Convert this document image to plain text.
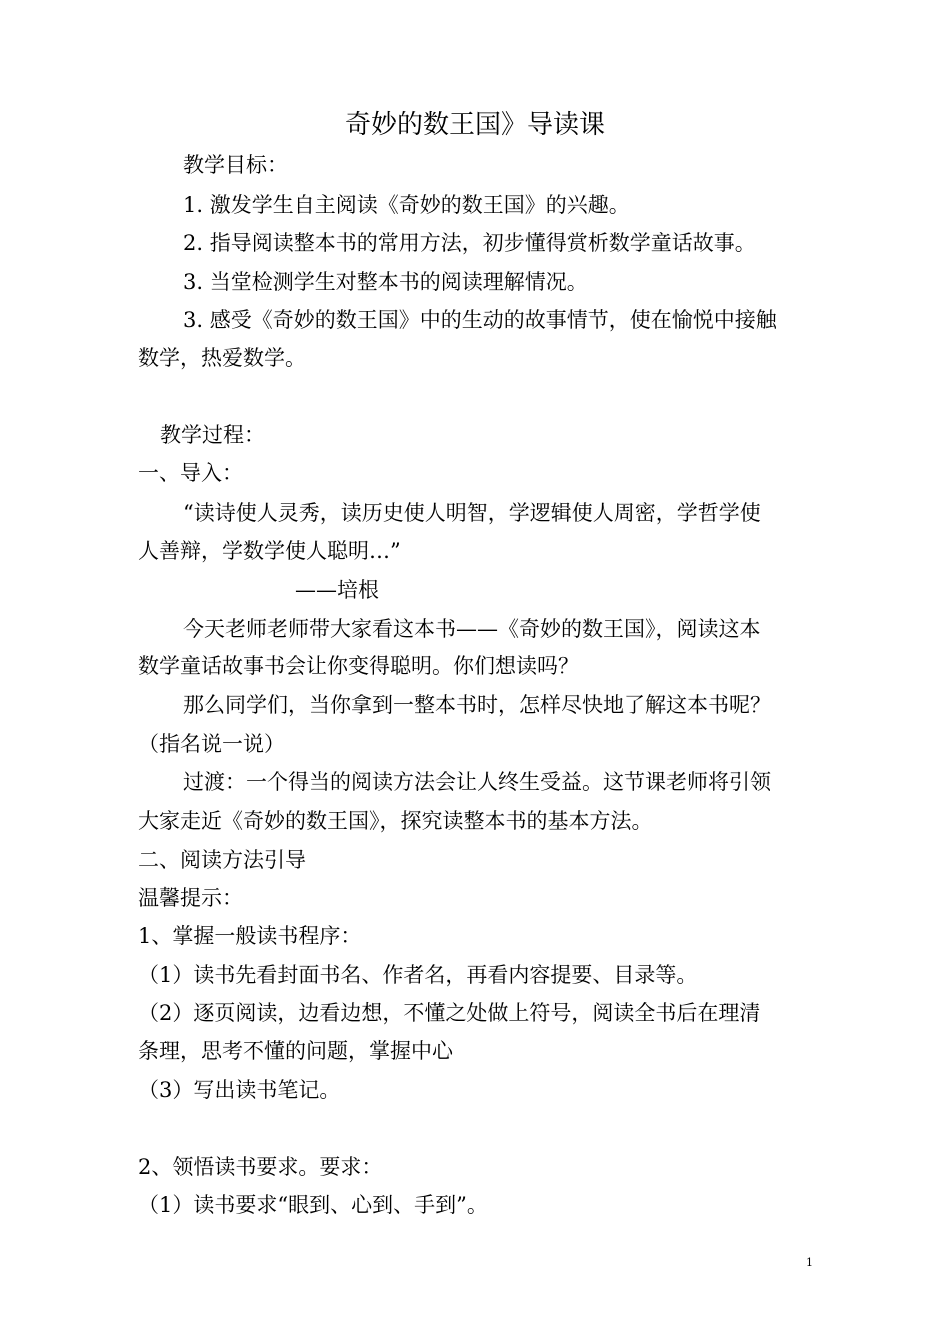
奇妙的数王国》导读课
教学目标：
1. 激发学生自主阅读《奇妙的数王国》的兴趣。
2. 指导阅读整本书的常用方法，初步懂得赏析数学童话故事。
3. 当堂检测学生对整本书的阅读理解情况。
3. 感受《奇妙的数王国》中的生动的故事情节，使在愉悦中接触
数学，热爱数学。
教学过程：
一、导入：
“读诗使人灵秀，读历史使人明智，学逻辑使人周密，学哲学使
人善辩，学数学使人聪明…”
——培根
今天老师老师带大家看这本书——《奇妙的数王国》，阅读这本
数学童话故事书会让你变得聪明。你们想读吗？
那么同学们，当你拿到一整本书时，怎样尽快地了解这本书呢？
（指名说一说）
过渡：一个得当的阅读方法会让人终生受益。这节课老师将引领
大家走近《奇妙的数王国》，探究读整本书的基本方法。
二、阅读方法引导
温馨提示：
1、掌握一般读书程序：
（1）读书先看封面书名、作者名，再看内容提要、目录等。
（2）逐页阅读，边看边想，不懂之处做上符号，阅读全书后在理清
条理，思考不懂的问题，掌握中心
（3）写出读书笔记。
2、领悟读书要求。要求：
（1）读书要求“眼到、心到、手到”。
1
